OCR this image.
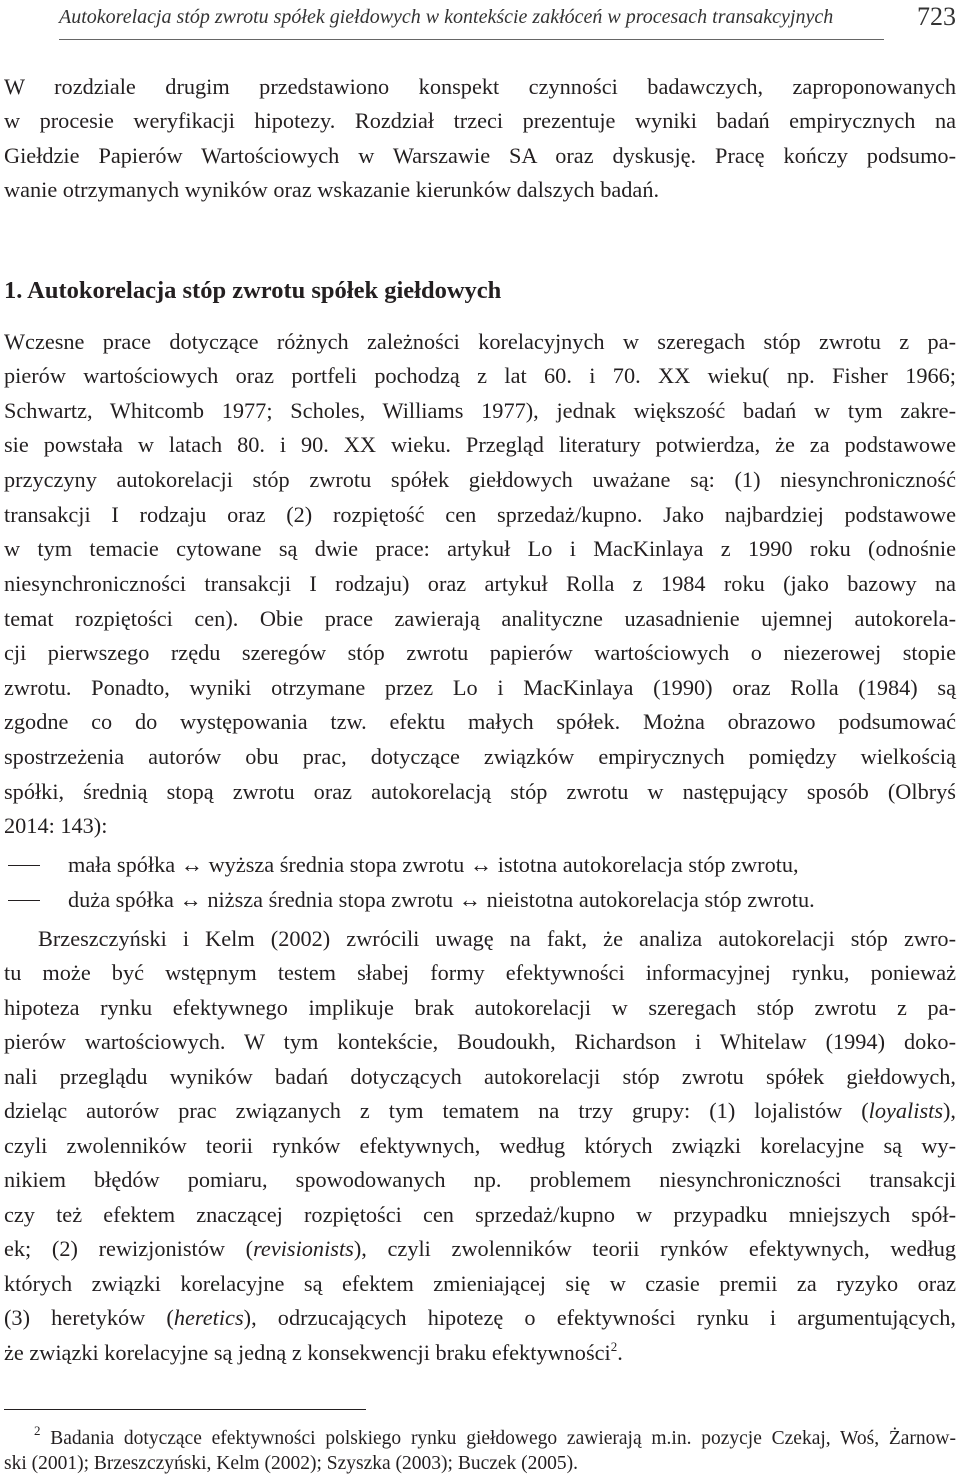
Autokorelacja stóp zwrotu spółek giełdowych w kontekście zakłóceń w procesach transakcyjnych	723
W rozdziale drugim przedstawiono konspekt czynności badawczych, zaproponowanych
w procesie weryfikacji hipotezy. Rozdział trzeci prezentuje wyniki badań empirycznych na
Giełdzie Papierów Wartościowych w Warszawie SA oraz dyskusję. Pracę kończy podsumo-
wanie otrzymanych wyników oraz wskazanie kierunków dalszych badań.
1. Autokorelacja stóp zwrotu spółek giełdowych
Wczesne prace dotyczące różnych zależności korelacyjnych w szeregach stóp zwrotu z pa-
pierów wartościowych oraz portfeli pochodzą z lat 60. i 70. XX wieku( np. Fisher 1966;
Schwartz, Whitcomb 1977; Scholes, Williams 1977), jednak większość badań w tym zakre-
sie powstała w latach 80. i 90. XX wieku. Przegląd literatury potwierdza, że za podstawowe
przyczyny autokorelacji stóp zwrotu spółek giełdowych uważane są: (1) niesynchroniczność
transakcji I rodzaju oraz (2) rozpiętość cen sprzedaż/kupno. Jako najbardziej podstawowe
w tym temacie cytowane są dwie prace: artykuł Lo i MacKinlaya z 1990 roku (odnośnie
niesynchroniczności transakcji I rodzaju) oraz artykuł Rolla z 1984 roku (jako bazowy na
temat rozpiętości cen). Obie prace zawierają analityczne uzasadnienie ujemnej autokorela-
cji pierwszego rzędu szeregów stóp zwrotu papierów wartościowych o niezerowej stopie
zwrotu. Ponadto, wyniki otrzymane przez Lo i MacKinlaya (1990) oraz Rolla (1984) są
zgodne co do występowania tzw. efektu małych spółek. Można obrazowo podsumować
spostrzeżenia autorów obu prac, dotyczące związków empirycznych pomiędzy wielkością
spółki, średnią stopą zwrotu oraz autokorelacją stóp zwrotu w następujący sposób (Olbryś
2014: 143):
mała spółka ↔ wyższa średnia stopa zwrotu ↔ istotna autokorelacja stóp zwrotu,
duża spółka ↔ niższa średnia stopa zwrotu ↔ nieistotna autokorelacja stóp zwrotu.
Brzeszczyński i Kelm (2002) zwrócili uwagę na fakt, że analiza autokorelacji stóp zwro-
tu może być wstępnym testem słabej formy efektywności informacyjnej rynku, ponieważ
hipoteza rynku efektywnego implikuje brak autokorelacji w szeregach stóp zwrotu z pa-
pierów wartościowych. W tym kontekście, Boudoukh, Richardson i Whitelaw (1994) doko-
nali przeglądu wyników badań dotyczących autokorelacji stóp zwrotu spółek giełdowych,
dzieląc autorów prac związanych z tym tematem na trzy grupy: (1) lojalistów (loyalists),
czyli zwolenników teorii rynków efektywnych, według których związki korelacyjne są wy-
nikiem błędów pomiaru, spowodowanych np. problemem niesynchroniczności transakcji
czy też efektem znaczącej rozpiętości cen sprzedaż/kupno w przypadku mniejszych spół-
ek; (2) rewizjonistów (revisionists), czyli zwolenników teorii rynków efektywnych, według
których związki korelacyjne są efektem zmieniającej się w czasie premii za ryzyko oraz
(3) heretyków (heretics), odrzucających hipotezę o efektywności rynku i argumentujących,
że związki korelacyjne są jedną z konsekwencji braku efektywności$^2$.
$^2$ Badania dotyczące efektywności polskiego rynku giełdowego zawierają m.in. pozycje Czekaj, Woś, Żarnow-
ski (2001); Brzeszczyński, Kelm (2002); Szyszka (2003); Buczek (2005).
